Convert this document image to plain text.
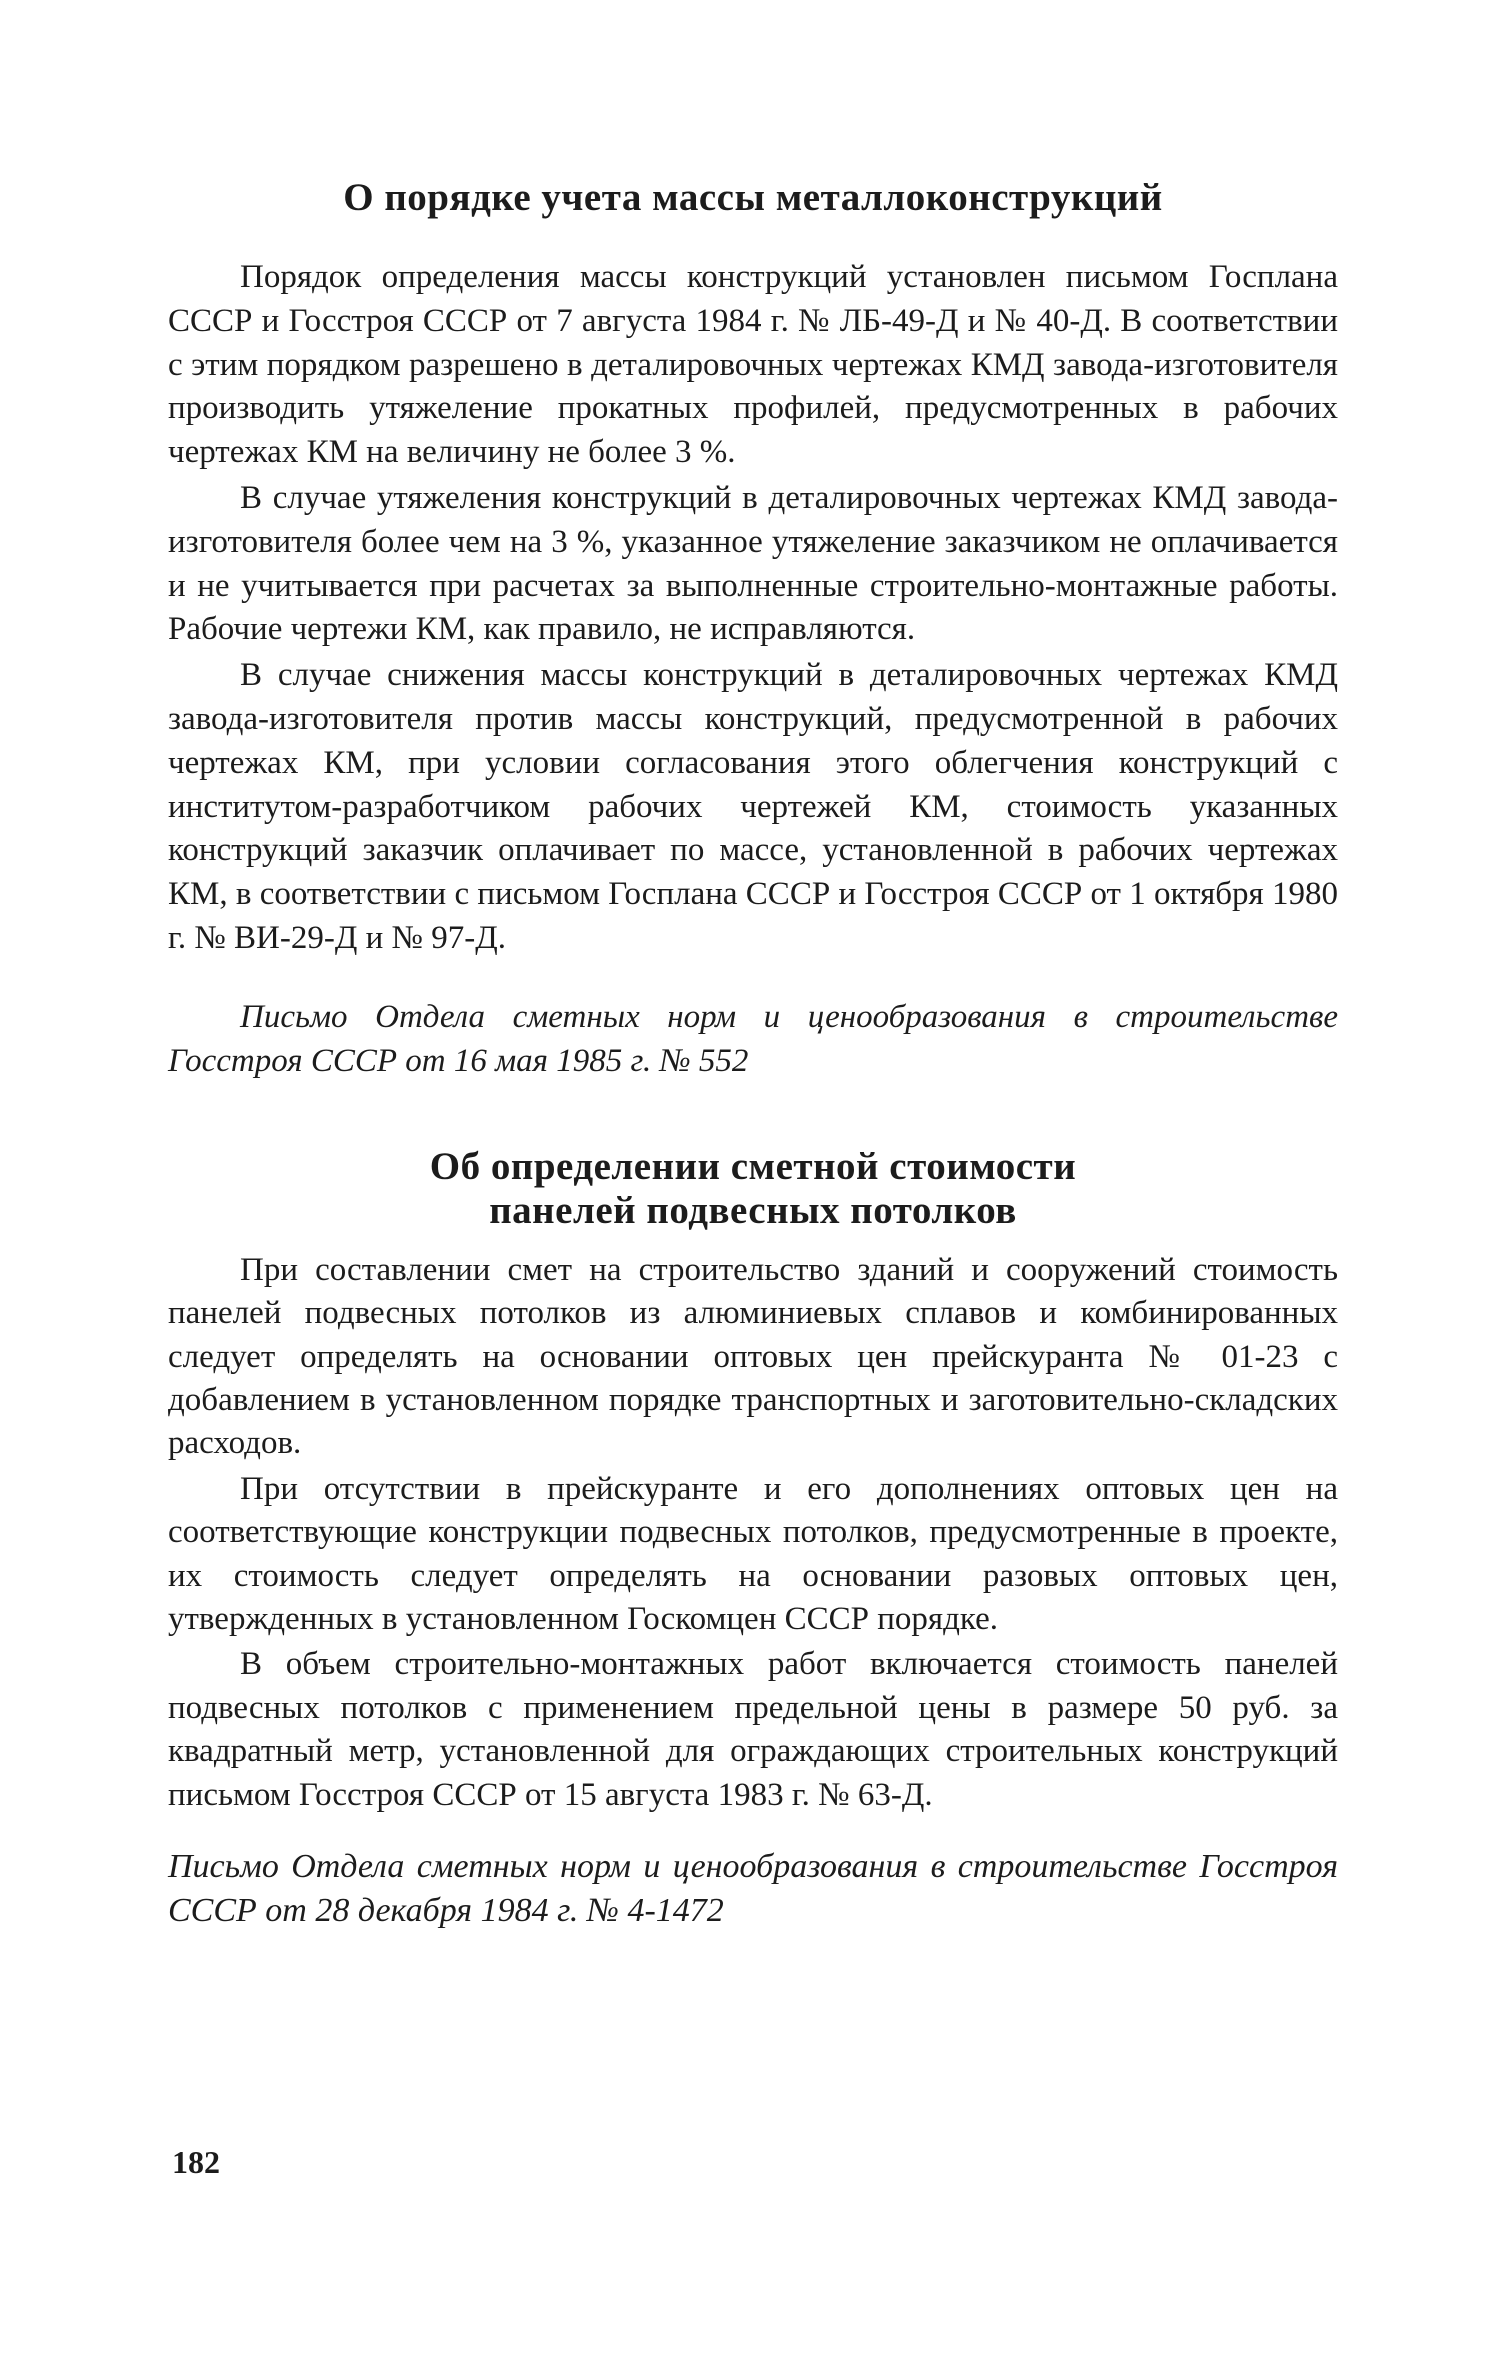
О порядке учета массы металлоконструкций

Порядок определения массы конструкций установлен письмом Госплана СССР и Госстроя СССР от 7 августа 1984 г. № ЛБ-49-Д и № 40-Д. В соответствии с этим порядком разрешено в деталировочных чертежах КМД завода-изготовителя производить утяжеление прокатных профилей, предусмотренных в рабочих чертежах КМ на величину не более 3 %.

В случае утяжеления конструкций в деталировочных чертежах КМД завода-изготовителя более чем на 3 %, указанное утяжеление заказчиком не оплачивается и не учитывается при расчетах за выполненные строительно-монтажные работы. Рабочие чертежи КМ, как правило, не исправляются.

В случае снижения массы конструкций в деталировочных чертежах КМД завода-изготовителя против массы конструкций, предусмотренной в рабочих чертежах КМ, при условии согласования этого облегчения конструкций с институтом-разработчиком рабочих чертежей КМ, стоимость указанных конструкций заказчик оплачивает по массе, установленной в рабочих чертежах КМ, в соответствии с письмом Госплана СССР и Госстроя СССР от 1 октября 1980 г. № ВИ-29-Д и № 97-Д.

Письмо Отдела сметных норм и ценообразования в строительстве Госстроя СССР от 16 мая 1985 г. № 552
Об определении сметной стоимости
панелей подвесных потолков

При составлении смет на строительство зданий и сооружений стоимость панелей подвесных потолков из алюминиевых сплавов и комбинированных следует определять на основании оптовых цен прейскуранта № 01-23 с добавлением в установленном порядке транспортных и заготовительно-складских расходов.

При отсутствии в прейскуранте и его дополнениях оптовых цен на соответствующие конструкции подвесных потолков, предусмотренные в проекте, их стоимость следует определять на основании разовых оптовых цен, утвержденных в установленном Госкомцен СССР порядке.

В объем строительно-монтажных работ включается стоимость панелей подвесных потолков с применением предельной цены в размере 50 руб. за квадратный метр, установленной для ограждающих строительных конструкций письмом Госстроя СССР от 15 августа 1983 г. № 63-Д.

Письмо Отдела сметных норм и ценообразования в строительстве Госстроя СССР от 28 декабря 1984 г. № 4-1472
182
